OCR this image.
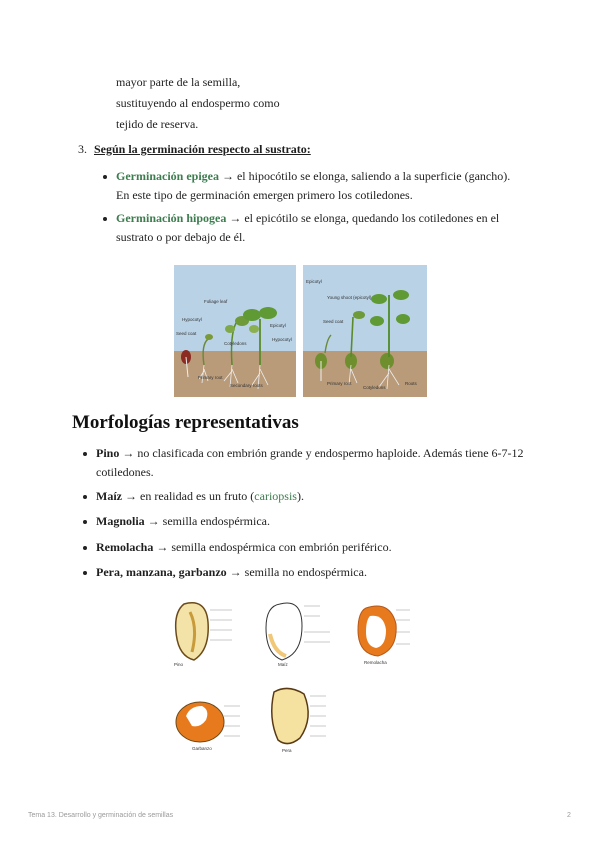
mayor parte de la semilla,
sustituyendo al endospermo como
tejido de reserva.
3. Según la germinación respecto al sustrato:
Germinación epigea → el hipocótilo se elonga, saliendo a la superficie (gancho). En este tipo de germinación emergen primero los cotiledones.
Germinación hipogea → el epicótilo se elonga, quedando los cotiledones en el sustrato o por debajo de él.
Foliage leaf
Hypocotyl
Seed coat
Epicotyl
Hypocotyl
Cotyledons
Primary root
Secondary roots
Epicotyl
Young shoot (epicotyl)
Seed coat
Primary root
Cotyledons
Roots
Morfologías representativas
Pino → no clasificada con embrión grande y endospermo haploide. Además tiene 6-7-12 cotiledones.
Maíz → en realidad es un fruto (cariopsis).
Magnolia → semilla endospérmica.
Remolacha → semilla endospérmica con embrión periférico.
Pera, manzana, garbanzo → semilla no endospérmica.
Pino	Maíz	Remolacha
Garbanzo	Pera
Tema 13. Desarrollo y germinación de semillas	2
